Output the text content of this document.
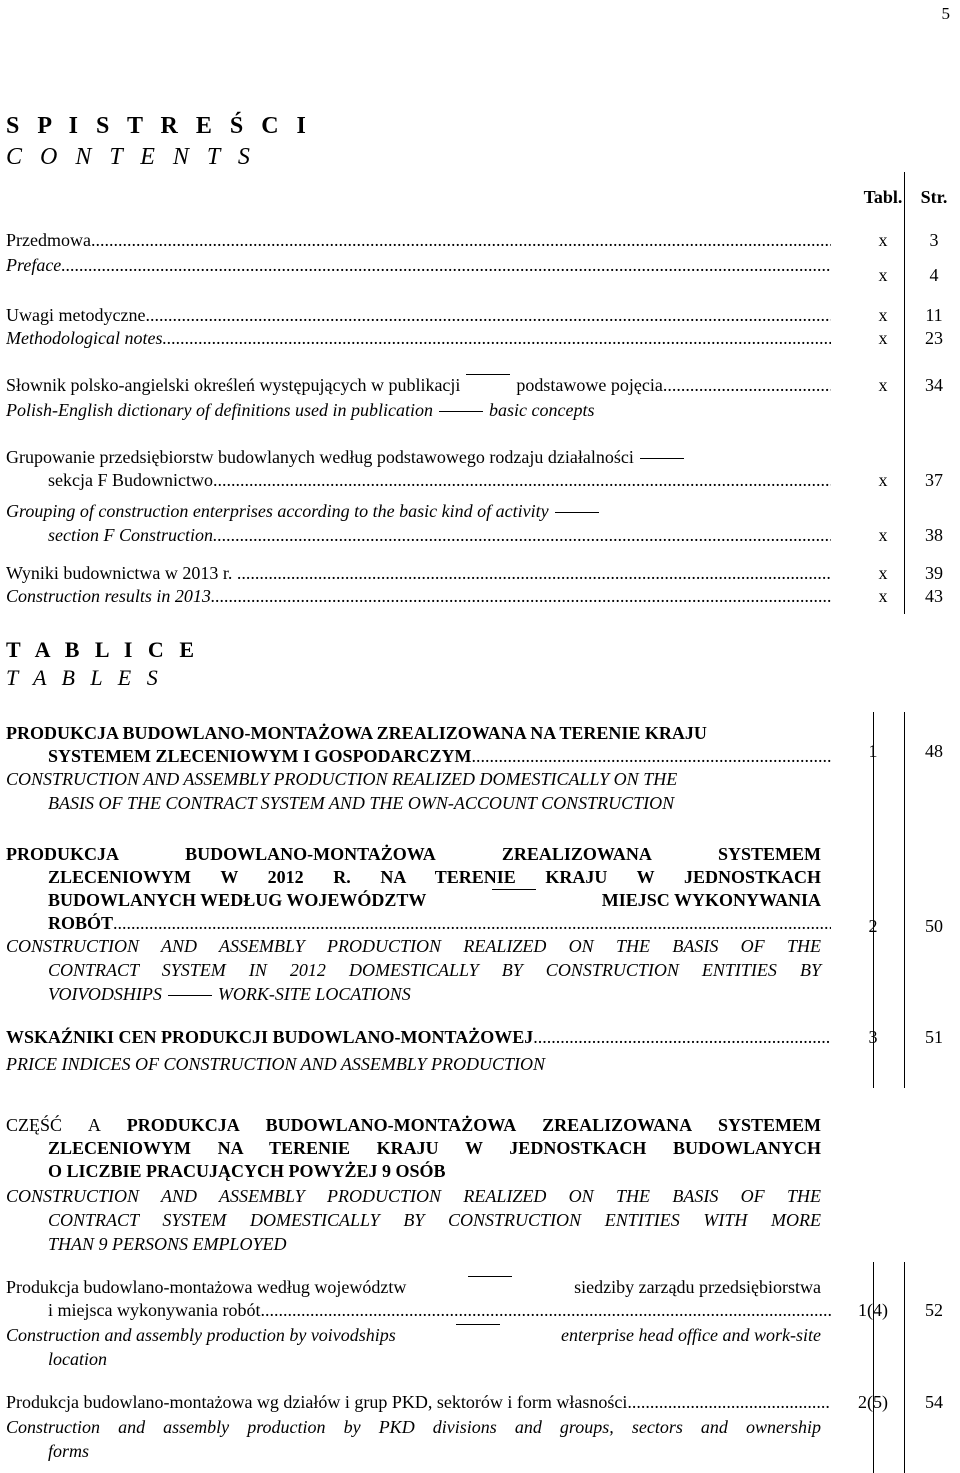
5
S P I S T R E Ś C I
C O N T E N T S
Tabl.	Str.
Przedmowa .....	x	3
Preface .....	x	4
Uwagi metodyczne .....	x	11
Methodological notes .....	x	23
Słownik polsko-angielski określeń występujących w publikacji	podstawowe pojęcia .....	x	34
Polish-English dictionary of definitions used in publication	basic concepts
Grupowanie przedsiębiorstw budowlanych według podstawowego rodzaju działalności
sekcja F Budownictwo .....	x	37
Grouping of construction enterprises according to the basic kind of activity
section F Construction .....	x	38
Wyniki budownictwa w 2013 r. . .....	x	39
Construction results in 2013 .....	x	43
T A B L I C E
T A B L E S
PRODUKCJA BUDOWLANO-MONTAŻOWA ZREALIZOWANA NA TERENIE KRAJU
SYSTEMEM ZLECENIOWYM I GOSPODARCZYM .....	1	48
CONSTRUCTION AND ASSEMBLY PRODUCTION REALIZED DOMESTICALLY ON THE
BASIS OF THE CONTRACT SYSTEM AND THE OWN-ACCOUNT CONSTRUCTION
PRODUKCJA BUDOWLANO-MONTAŻOWA ZREALIZOWANA SYSTEMEM
ZLECENIOWYM W 2012 R. NA TERENIE KRAJU W JEDNOSTKACH
BUDOWLANYCH WEDŁUG WOJEWÓDZTW	MIEJSC WYKONYWANIA
ROBÓT .....	2	50
CONSTRUCTION AND ASSEMBLY PRODUCTION REALIZED ON THE BASIS OF THE
CONTRACT SYSTEM IN 2012 DOMESTICALLY BY CONSTRUCTION ENTITIES BY
VOIVODSHIPS	WORK-SITE LOCATIONS
WSKAŹNIKI CEN PRODUKCJI BUDOWLANO-MONTAŻOWEJ .....	3	51
PRICE INDICES OF CONSTRUCTION AND ASSEMBLY PRODUCTION
CZĘŚĆ A PRODUKCJA BUDOWLANO-MONTAŻOWA ZREALIZOWANA SYSTEMEM
ZLECENIOWYM NA TERENIE KRAJU W JEDNOSTKACH BUDOWLANYCH
O LICZBIE PRACUJĄCYCH POWYŻEJ 9 OSÓB
CONSTRUCTION AND ASSEMBLY PRODUCTION REALIZED ON THE BASIS OF THE
CONTRACT SYSTEM DOMESTICALLY BY CONSTRUCTION ENTITIES WITH MORE
THAN 9 PERSONS EMPLOYED
Produkcja budowlano-montażowa według województw	siedziby zarządu przedsiębiorstwa
i miejsca wykonywania robót .....	1(4)	52
Construction and assembly production by voivodships	enterprise head office and work-site
location
Produkcja budowlano-montażowa wg działów i grup PKD, sektorów i form własności .....	2(5)	54
Construction and assembly production by PKD divisions and groups, sectors and ownership
forms
